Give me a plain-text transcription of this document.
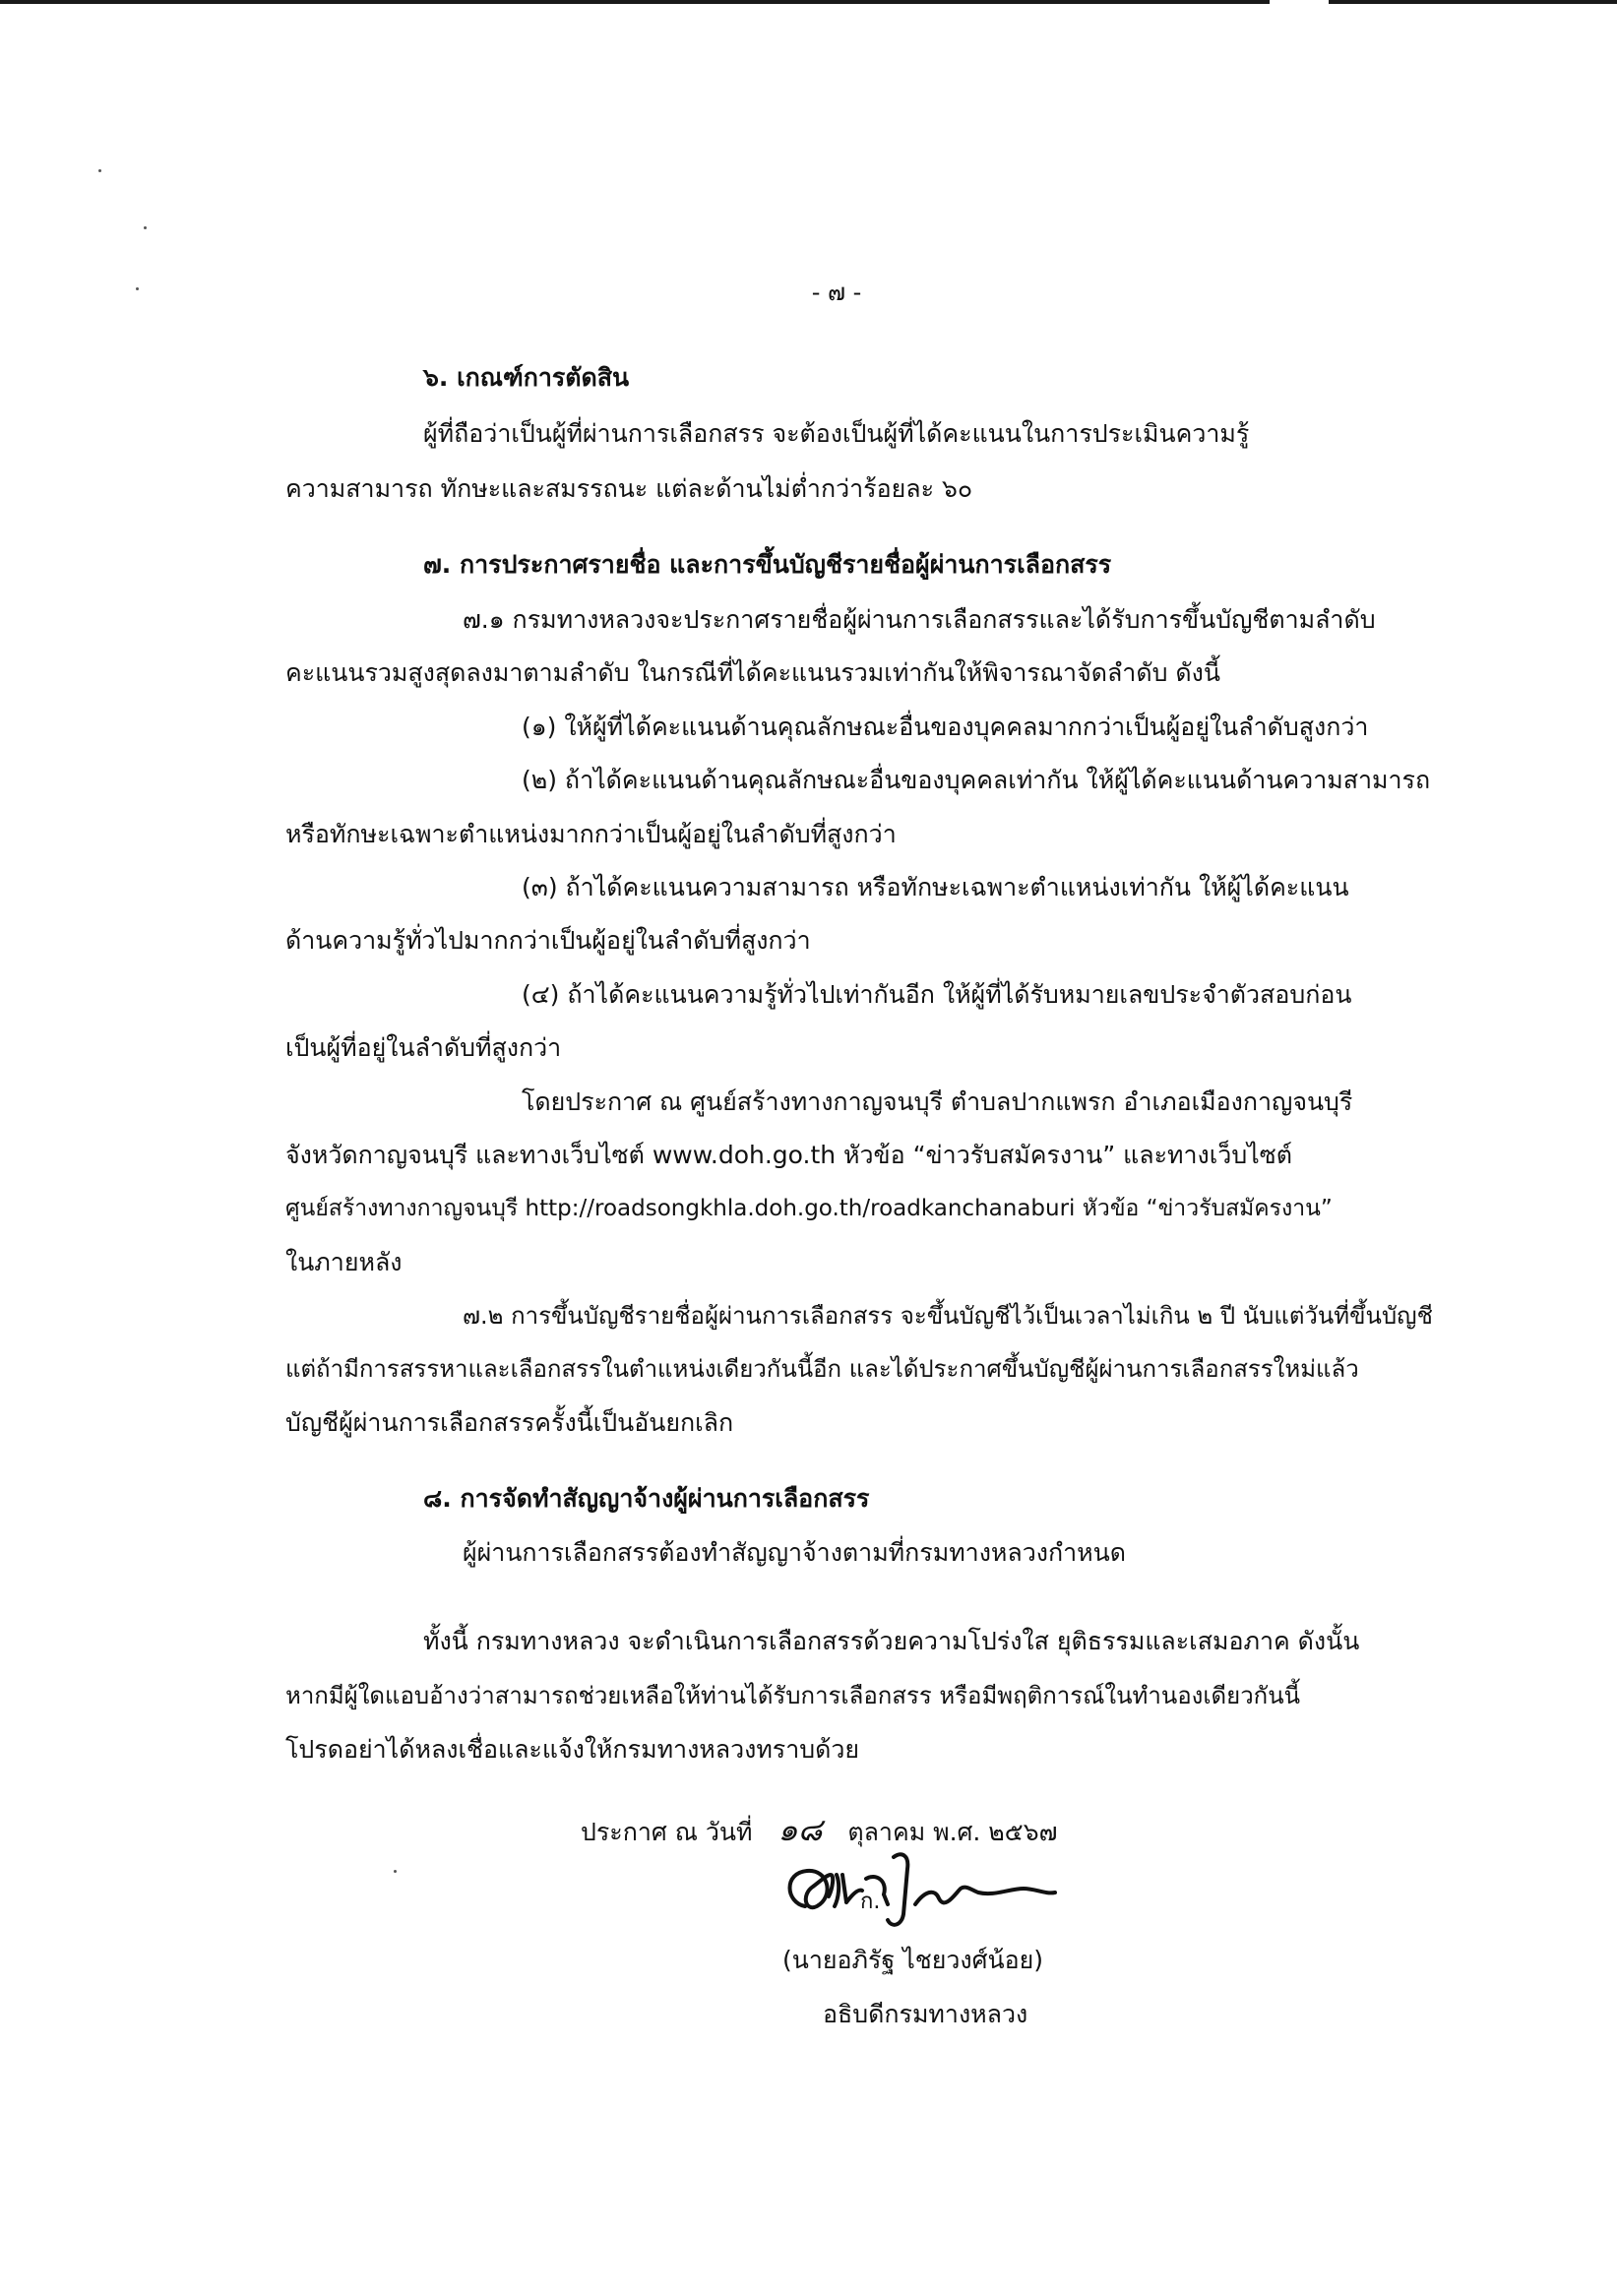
- ๗ -
๖. เกณฑ์การตัดสิน
ผู้ที่ถือว่าเป็นผู้ที่ผ่านการเลือกสรร จะต้องเป็นผู้ที่ได้คะแนนในการประเมินความรู้
ความสามารถ ทักษะและสมรรถนะ แต่ละด้านไม่ต่ำกว่าร้อยละ ๖๐
๗. การประกาศรายชื่อ และการขึ้นบัญชีรายชื่อผู้ผ่านการเลือกสรร
๗.๑ กรมทางหลวงจะประกาศรายชื่อผู้ผ่านการเลือกสรรและได้รับการขึ้นบัญชีตามลำดับ
คะแนนรวมสูงสุดลงมาตามลำดับ ในกรณีที่ได้คะแนนรวมเท่ากันให้พิจารณาจัดลำดับ ดังนี้
(๑) ให้ผู้ที่ได้คะแนนด้านคุณลักษณะอื่นของบุคคลมากกว่าเป็นผู้อยู่ในลำดับสูงกว่า
(๒) ถ้าได้คะแนนด้านคุณลักษณะอื่นของบุคคลเท่ากัน ให้ผู้ได้คะแนนด้านความสามารถ
หรือทักษะเฉพาะตำแหน่งมากกว่าเป็นผู้อยู่ในลำดับที่สูงกว่า
(๓) ถ้าได้คะแนนความสามารถ หรือทักษะเฉพาะตำแหน่งเท่ากัน ให้ผู้ได้คะแนน
ด้านความรู้ทั่วไปมากกว่าเป็นผู้อยู่ในลำดับที่สูงกว่า
(๔) ถ้าได้คะแนนความรู้ทั่วไปเท่ากันอีก ให้ผู้ที่ได้รับหมายเลขประจำตัวสอบก่อน
เป็นผู้ที่อยู่ในลำดับที่สูงกว่า
โดยประกาศ ณ ศูนย์สร้างทางกาญจนบุรี ตำบลปากแพรก อำเภอเมืองกาญจนบุรี
จังหวัดกาญจนบุรี และทางเว็บไซต์ www.doh.go.th หัวข้อ “ข่าวรับสมัครงาน” และทางเว็บไซต์
ศูนย์สร้างทางกาญจนบุรี http://roadsongkhla.doh.go.th/roadkanchanaburi หัวข้อ “ข่าวรับสมัครงาน”
ในภายหลัง
๗.๒ การขึ้นบัญชีรายชื่อผู้ผ่านการเลือกสรร จะขึ้นบัญชีไว้เป็นเวลาไม่เกิน ๒ ปี นับแต่วันที่ขึ้นบัญชี
แต่ถ้ามีการสรรหาและเลือกสรรในตำแหน่งเดียวกันนี้อีก และได้ประกาศขึ้นบัญชีผู้ผ่านการเลือกสรรใหม่แล้ว
บัญชีผู้ผ่านการเลือกสรรครั้งนี้เป็นอันยกเลิก
๘. การจัดทำสัญญาจ้างผู้ผ่านการเลือกสรร
ผู้ผ่านการเลือกสรรต้องทำสัญญาจ้างตามที่กรมทางหลวงกำหนด
ทั้งนี้ กรมทางหลวง จะดำเนินการเลือกสรรด้วยความโปร่งใส ยุติธรรมและเสมอภาค ดังนั้น
หากมีผู้ใดแอบอ้างว่าสามารถช่วยเหลือให้ท่านได้รับการเลือกสรร หรือมีพฤติการณ์ในทำนองเดียวกันนี้
โปรดอย่าได้หลงเชื่อและแจ้งให้กรมทางหลวงทราบด้วย
ประกาศ ณ วันที่ ๑๘ ตุลาคม พ.ศ. ๒๕๖๗
ก.
(นายอภิรัฐ ไชยวงศ์น้อย)
อธิบดีกรมทางหลวง
